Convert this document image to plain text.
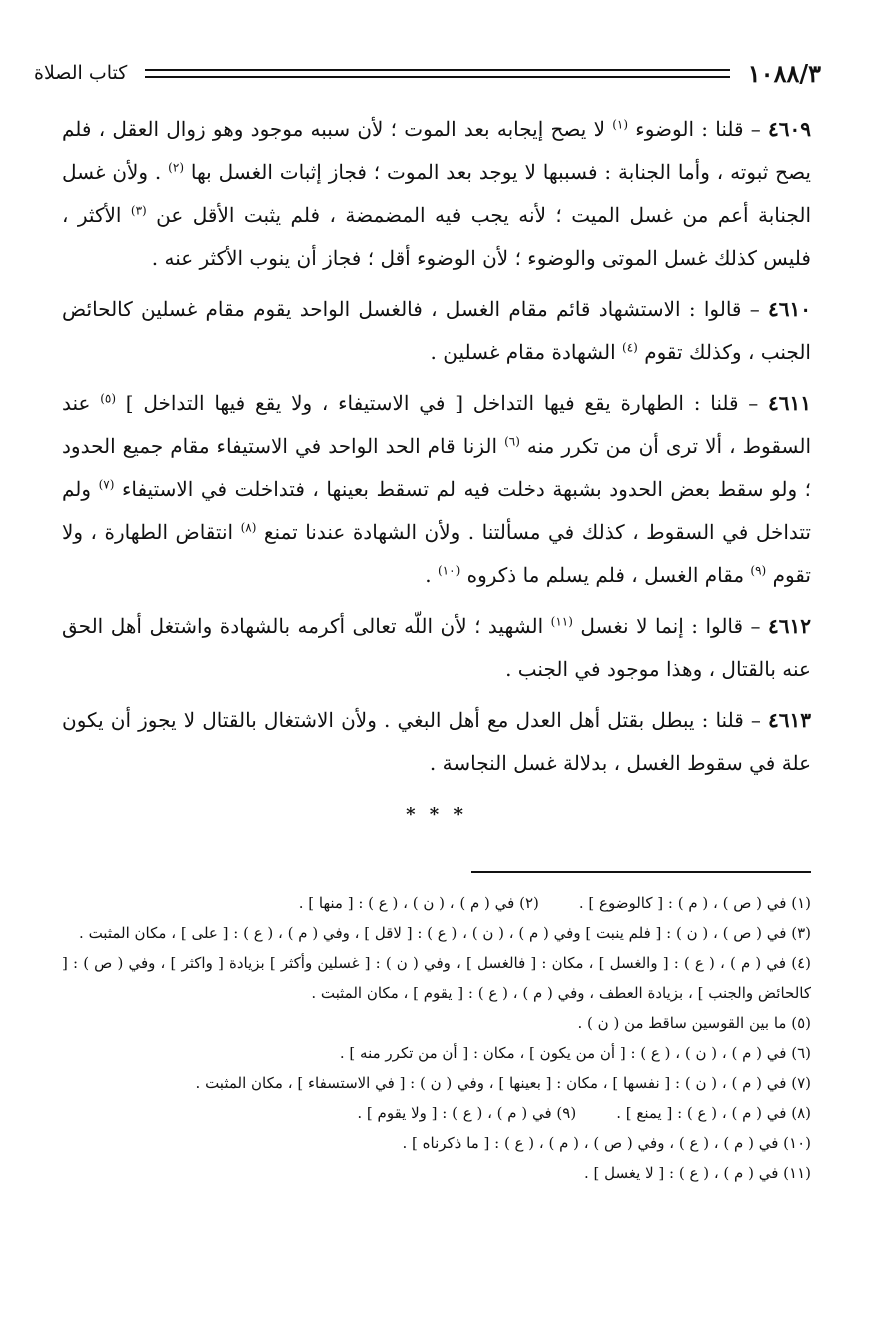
١٠٨٨/٣
كتاب الصلاة

٤٦٠٩ – قلنا : الوضوء $^{(١)}$ لا يصح إيجابه بعد الموت ؛ لأن سببه موجود وهو زوال العقل ، فلم يصح ثبوته ، وأما الجنابة : فسببها لا يوجد بعد الموت ؛ فجاز إثبات الغسل بها $^{(٢)}$ . ولأن غسل الجنابة أعم من غسل الميت ؛ لأنه يجب فيه المضمضة ، فلم يثبت الأقل عن $^{(٣)}$ الأكثر ، فليس كذلك غسل الموتى والوضوء ؛ لأن الوضوء أقل ؛ فجاز أن ينوب الأكثر عنه .

٤٦١٠ – قالوا : الاستشهاد قائم مقام الغسل ، فالغسل الواحد يقوم مقام غسلين كالحائض الجنب ، وكذلك تقوم $^{(٤)}$ الشهادة مقام غسلين .

٤٦١١ – قلنا : الطهارة يقع فيها التداخل [ في الاستيفاء ، ولا يقع فيها التداخل ] $^{(٥)}$ عند السقوط ، ألا ترى أن من تكرر منه $^{(٦)}$ الزنا قام الحد الواحد في الاستيفاء مقام جميع الحدود ؛ ولو سقط بعض الحدود بشبهة دخلت فيه لم تسقط بعينها ، فتداخلت في الاستيفاء $^{(٧)}$ ولم تتداخل في السقوط ، كذلك في مسألتنا . ولأن الشهادة عندنا تمنع $^{(٨)}$ انتقاض الطهارة ، ولا تقوم $^{(٩)}$ مقام الغسل ، فلم يسلم ما ذكروه $^{(١٠)}$ .

٤٦١٢ – قالوا : إنما لا نغسل $^{(١١)}$ الشهيد ؛ لأن اللّه تعالى أكرمه بالشهادة واشتغل أهل الحق عنه بالقتال ، وهذا موجود في الجنب .

٤٦١٣ – قلنا : يبطل بقتل أهل العدل مع أهل البغي . ولأن الاشتغال بالقتال لا يجوز أن يكون علة في سقوط الغسل ، بدلالة غسل النجاسة .

* * *

(١) في ( ص ) ، ( م ) : [ كالوضوع ] .

(٢) في ( م ) ، ( ن ) ، ( ع ) : [ منها ] .

(٣) في ( ص ) ، ( ن ) : [ فلم ينبت ] وفي ( م ) ، ( ن ) ، ( ع ) : [ لاقل ] ، وفي ( م ) ، ( ع ) : [ على ] ، مكان المثبت .

(٤) في ( م ) ، ( ع ) : [ والغسل ] ، مكان : [ فالغسل ] ، وفي ( ن ) : [ غسلين وأكثر ] بزيادة [ واكثر ] ، وفي ( ص ) : [ كالحائض والجنب ] ، بزيادة العطف ، وفي ( م ) ، ( ع ) : [ يقوم ] ، مكان المثبت .

(٥) ما بين القوسين ساقط من ( ن ) .

(٦) في ( م ) ، ( ن ) ، ( ع ) : [ أن من يكون ] ، مكان : [ أن من تكرر منه ] .

(٧) في ( م ) ، ( ن ) : [ نفسها ] ، مكان : [ بعينها ] ، وفي ( ن ) : [ في الاستسفاء ] ، مكان المثبت .

(٨) في ( م ) ، ( ع ) : [ يمنع ] .

(٩) في ( م ) ، ( ع ) : [ ولا يقوم ] .

(١٠) في ( م ) ، ( ع ) ، وفي ( ص ) ، ( م ) ، ( ع ) : [ ما ذكرناه ] .

(١١) في ( م ) ، ( ع ) : [ لا يغسل ] .
